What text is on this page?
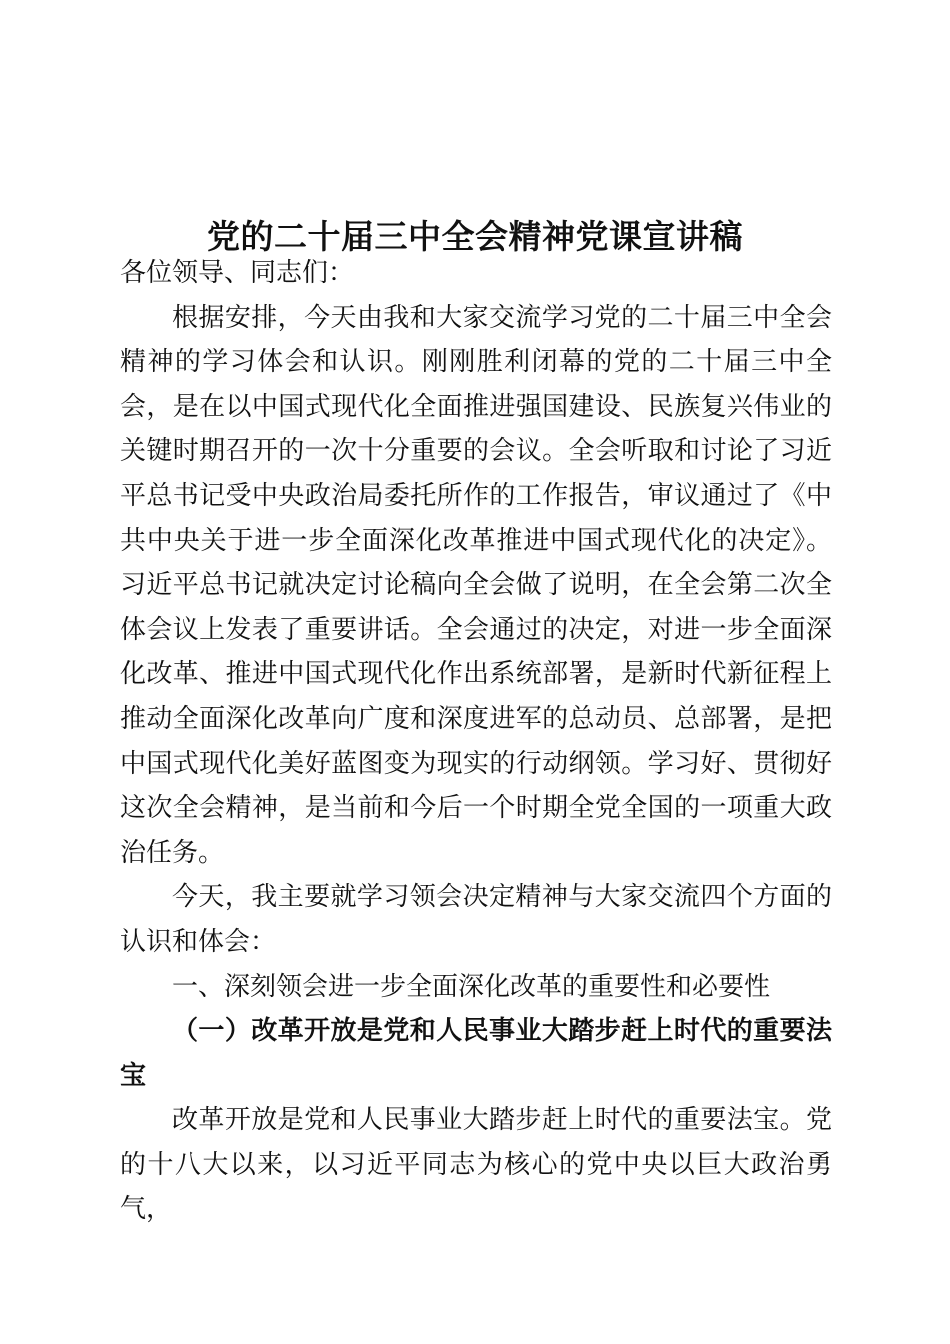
党的二十届三中全会精神党课宣讲稿

各位领导、同志们：

根据安排，今天由我和大家交流学习党的二十届三中全会精神的学习体会和认识。刚刚胜利闭幕的党的二十届三中全会，是在以中国式现代化全面推进强国建设、民族复兴伟业的关键时期召开的一次十分重要的会议。全会听取和讨论了习近平总书记受中央政治局委托所作的工作报告，审议通过了《中共中央关于进一步全面深化改革推进中国式现代化的决定》。习近平总书记就决定讨论稿向全会做了说明，在全会第二次全体会议上发表了重要讲话。全会通过的决定，对进一步全面深化改革、推进中国式现代化作出系统部署，是新时代新征程上推动全面深化改革向广度和深度进军的总动员、总部署，是把中国式现代化美好蓝图变为现实的行动纲领。学习好、贯彻好这次全会精神，是当前和今后一个时期全党全国的一项重大政治任务。

今天，我主要就学习领会决定精神与大家交流四个方面的认识和体会：

一、深刻领会进一步全面深化改革的重要性和必要性

（一）改革开放是党和人民事业大踏步赶上时代的重要法宝

改革开放是党和人民事业大踏步赶上时代的重要法宝。党的十八大以来，以习近平同志为核心的党中央以巨大政治勇气，
